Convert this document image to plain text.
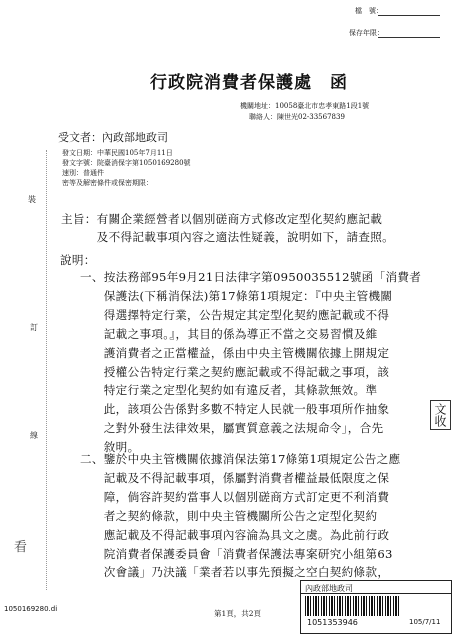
檔　號：
保存年限：
行政院消費者保護處　函
機關地址：10058臺北市忠孝東路1段1號
聯絡人：陳世光02-33567839
受文者：內政部地政司
發文日期：中華民國105年7月11日
發文字號：院臺消保字第1050169280號
速別：普通件
密等及解密條件或保密期限：
裝
訂
線
看
主旨：有關企業經營者以個別磋商方式修改定型化契約應記載
　　　及不得記載事項內容之適法性疑義，說明如下，請查照。
說明：
一、按法務部95年9月21日法律字第0950035512號函「消費者
　　保護法(下稱消保法)第17條第1項規定：『中央主管機關
　　得選擇特定行業，公告規定其定型化契約應記載或不得
　　記載之事項。』，其目的係為導正不當之交易習慣及維
　　護消費者之正當權益，係由中央主管機關依據上開規定
　　授權公告特定行業之契約應記載或不得記載之事項，該
　　特定行業之定型化契約如有違反者，其條款無效。準
　　此，該項公告係對多數不特定人民就一般事項所作抽象
　　之對外發生法律效果，屬實質意義之法規命令」，合先
　　敘明。
二、鑒於中央主管機關依據消保法第17條第1項規定公告之應
　　記載及不得記載事項，係屬對消費者權益最低限度之保
　　障，倘容許契約當事人以個別磋商方式訂定更不利消費
　　者之契約條款，則中央主管機關所公告之定型化契約
　　應記載及不得記載事項內容淪為具文之虞。為此前行政
　　院消費者保護委員會「消費者保護法專案研究小組第63
　　次會議」乃決議「業者若以事先預擬之空白契約條款，
文收
1050169280.di	第1頁，共2頁
內政部地政司
1051353946	105/7/11
